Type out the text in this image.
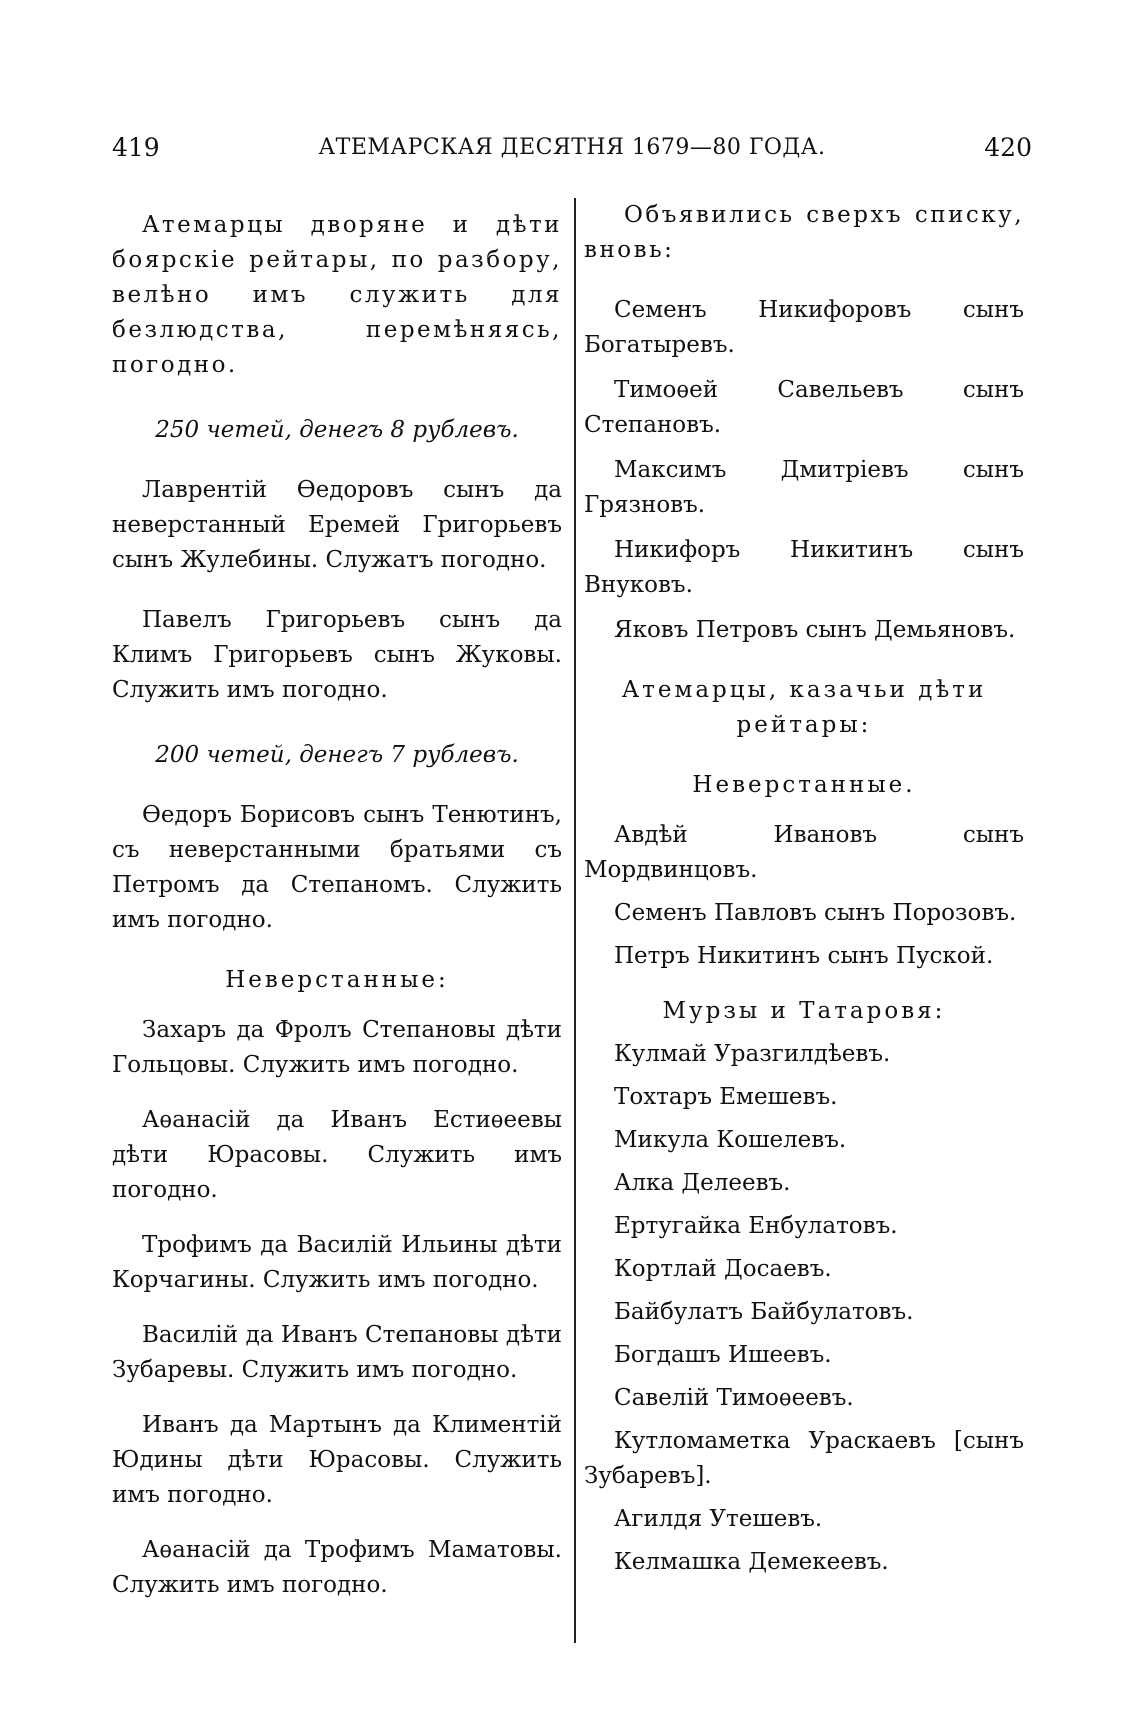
419	АТЕМАРСКАЯ ДЕСЯТНЯ 1679—80 ГОДА.	420

Атемарцы дворяне и дѣти боярскіе рейтары, по разбору, велѣно имъ служить для безлюдства, перемѣняясь, погодно.

250 четей, денегъ 8 рублевъ.

Лаврентій Ѳедоровъ сынъ да неверстанный Еремей Григорьевъ сынъ Жулебины. Служатъ погодно.

Павелъ Григорьевъ сынъ да Климъ Григорьевъ сынъ Жуковы. Служить имъ погодно.

200 четей, денегъ 7 рублевъ.

Ѳедоръ Борисовъ сынъ Тенютинъ, съ неверстанными братьями съ Петромъ да Степаномъ. Служить имъ погодно.

Неверстанные:

Захаръ да Фролъ Степановы дѣти Гольцовы. Служить имъ погодно.

Аѳанасій да Иванъ Естиѳеевы дѣти Юрасовы. Служить имъ погодно.

Трофимъ да Василій Ильины дѣти Корчагины. Служить имъ погодно.

Василій да Иванъ Степановы дѣти Зубаревы. Служить имъ погодно.

Иванъ да Мартынъ да Климентій Юдины дѣти Юрасовы. Служить имъ погодно.

Аѳанасій да Трофимъ Маматовы. Служить имъ погодно.

Объявились сверхъ списку, вновь:

Семенъ Никифоровъ сынъ Богатыревъ.

Тимоѳей Савельевъ сынъ Степановъ.

Максимъ Дмитріевъ сынъ Грязновъ.

Никифоръ Никитинъ сынъ Внуковъ.

Яковъ Петровъ сынъ Демьяновъ.

Атемарцы, казачьи дѣти рейтары:

Неверстанные.

Авдѣй Ивановъ сынъ Мордвинцовъ.

Семенъ Павловъ сынъ Порозовъ.

Петръ Никитинъ сынъ Пуской.

Мурзы и Татаровя:

Кулмай Уразгилдѣевъ.

Тохтаръ Емешевъ.

Микула Кошелевъ.

Алка Делеевъ.

Ертугайка Енбулатовъ.

Кортлай Досаевъ.

Байбулатъ Байбулатовъ.

Богдашъ Ишеевъ.

Савелій Тимоѳеевъ.

Кутломаметка Ураскаевъ [сынъ Зубаревъ].

Агилдя Утешевъ.

Келмашка Демекеевъ.
